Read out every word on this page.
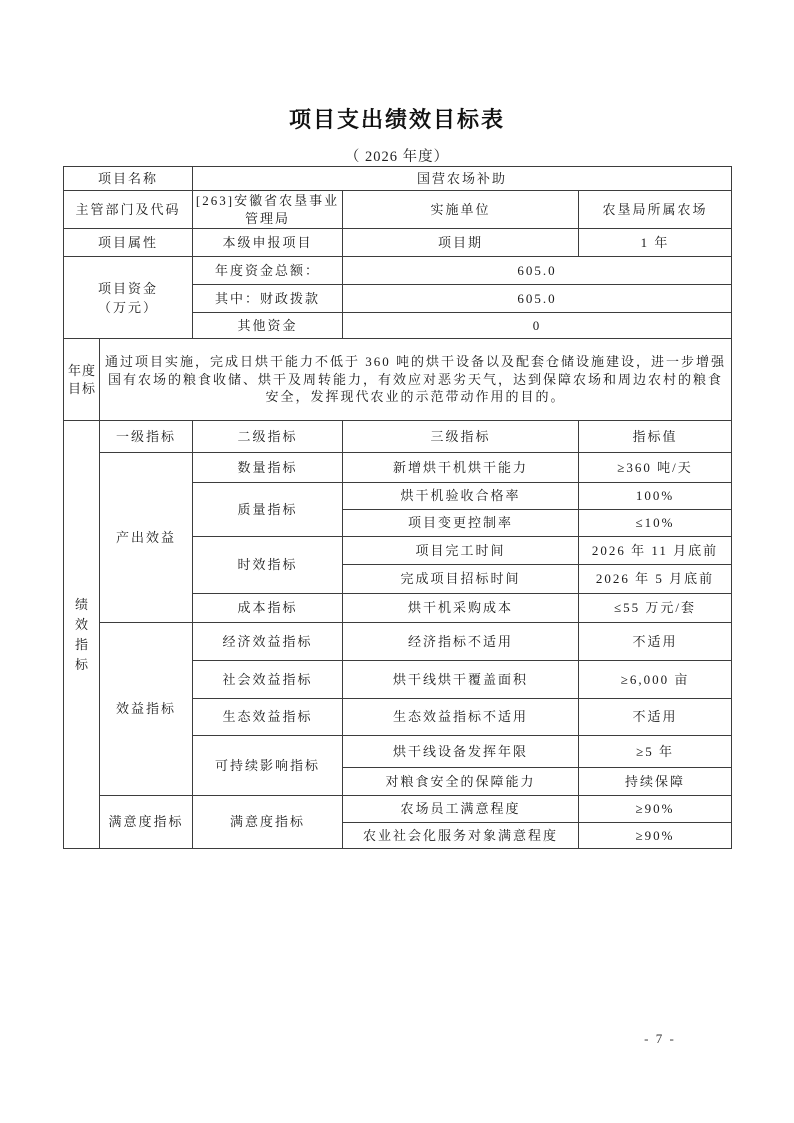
项目支出绩效目标表
（ 2026 年度）
项目名称		国营农场补助		
主管部门及代码		[263]安徽省农垦事业管理局	实施单位	农垦局所属农场
项目属性		本级申报项目	项目期	1 年

项目资金
（万元）		年度资金总额：	605.0	
		其中：财政拨款	605.0	
		其他资金	0	
年度目标	通过项目实施，完成日烘干能力不低于 360 吨的烘干设备以及配套仓储设施建设，进一步增强国有农场的粮食收储、烘干及周转能力，有效应对恶劣天气，达到保障农场和周边农村的粮食安全，发挥现代农业的示范带动作用的目的。			
绩效指标	一级指标	二级指标	三级指标	指标值
	产出效益	数量指标	新增烘干机烘干能力	≥360 吨/天
		质量指标	烘干机验收合格率	100%
			项目变更控制率	≤10%
		时效指标	项目完工时间	2026 年 11 月底前
			完成项目招标时间	2026 年 5 月底前
		成本指标	烘干机采购成本	≤55 万元/套
	效益指标	经济效益指标	经济指标不适用	不适用
		社会效益指标	烘干线烘干覆盖面积	≥6,000 亩
		生态效益指标	生态效益指标不适用	不适用
		可持续影响指标	烘干线设备发挥年限	≥5 年
			对粮食安全的保障能力	持续保障
	满意度指标	满意度指标	农场员工满意程度	≥90%
			农业社会化服务对象满意程度	≥90%
- 7 -
